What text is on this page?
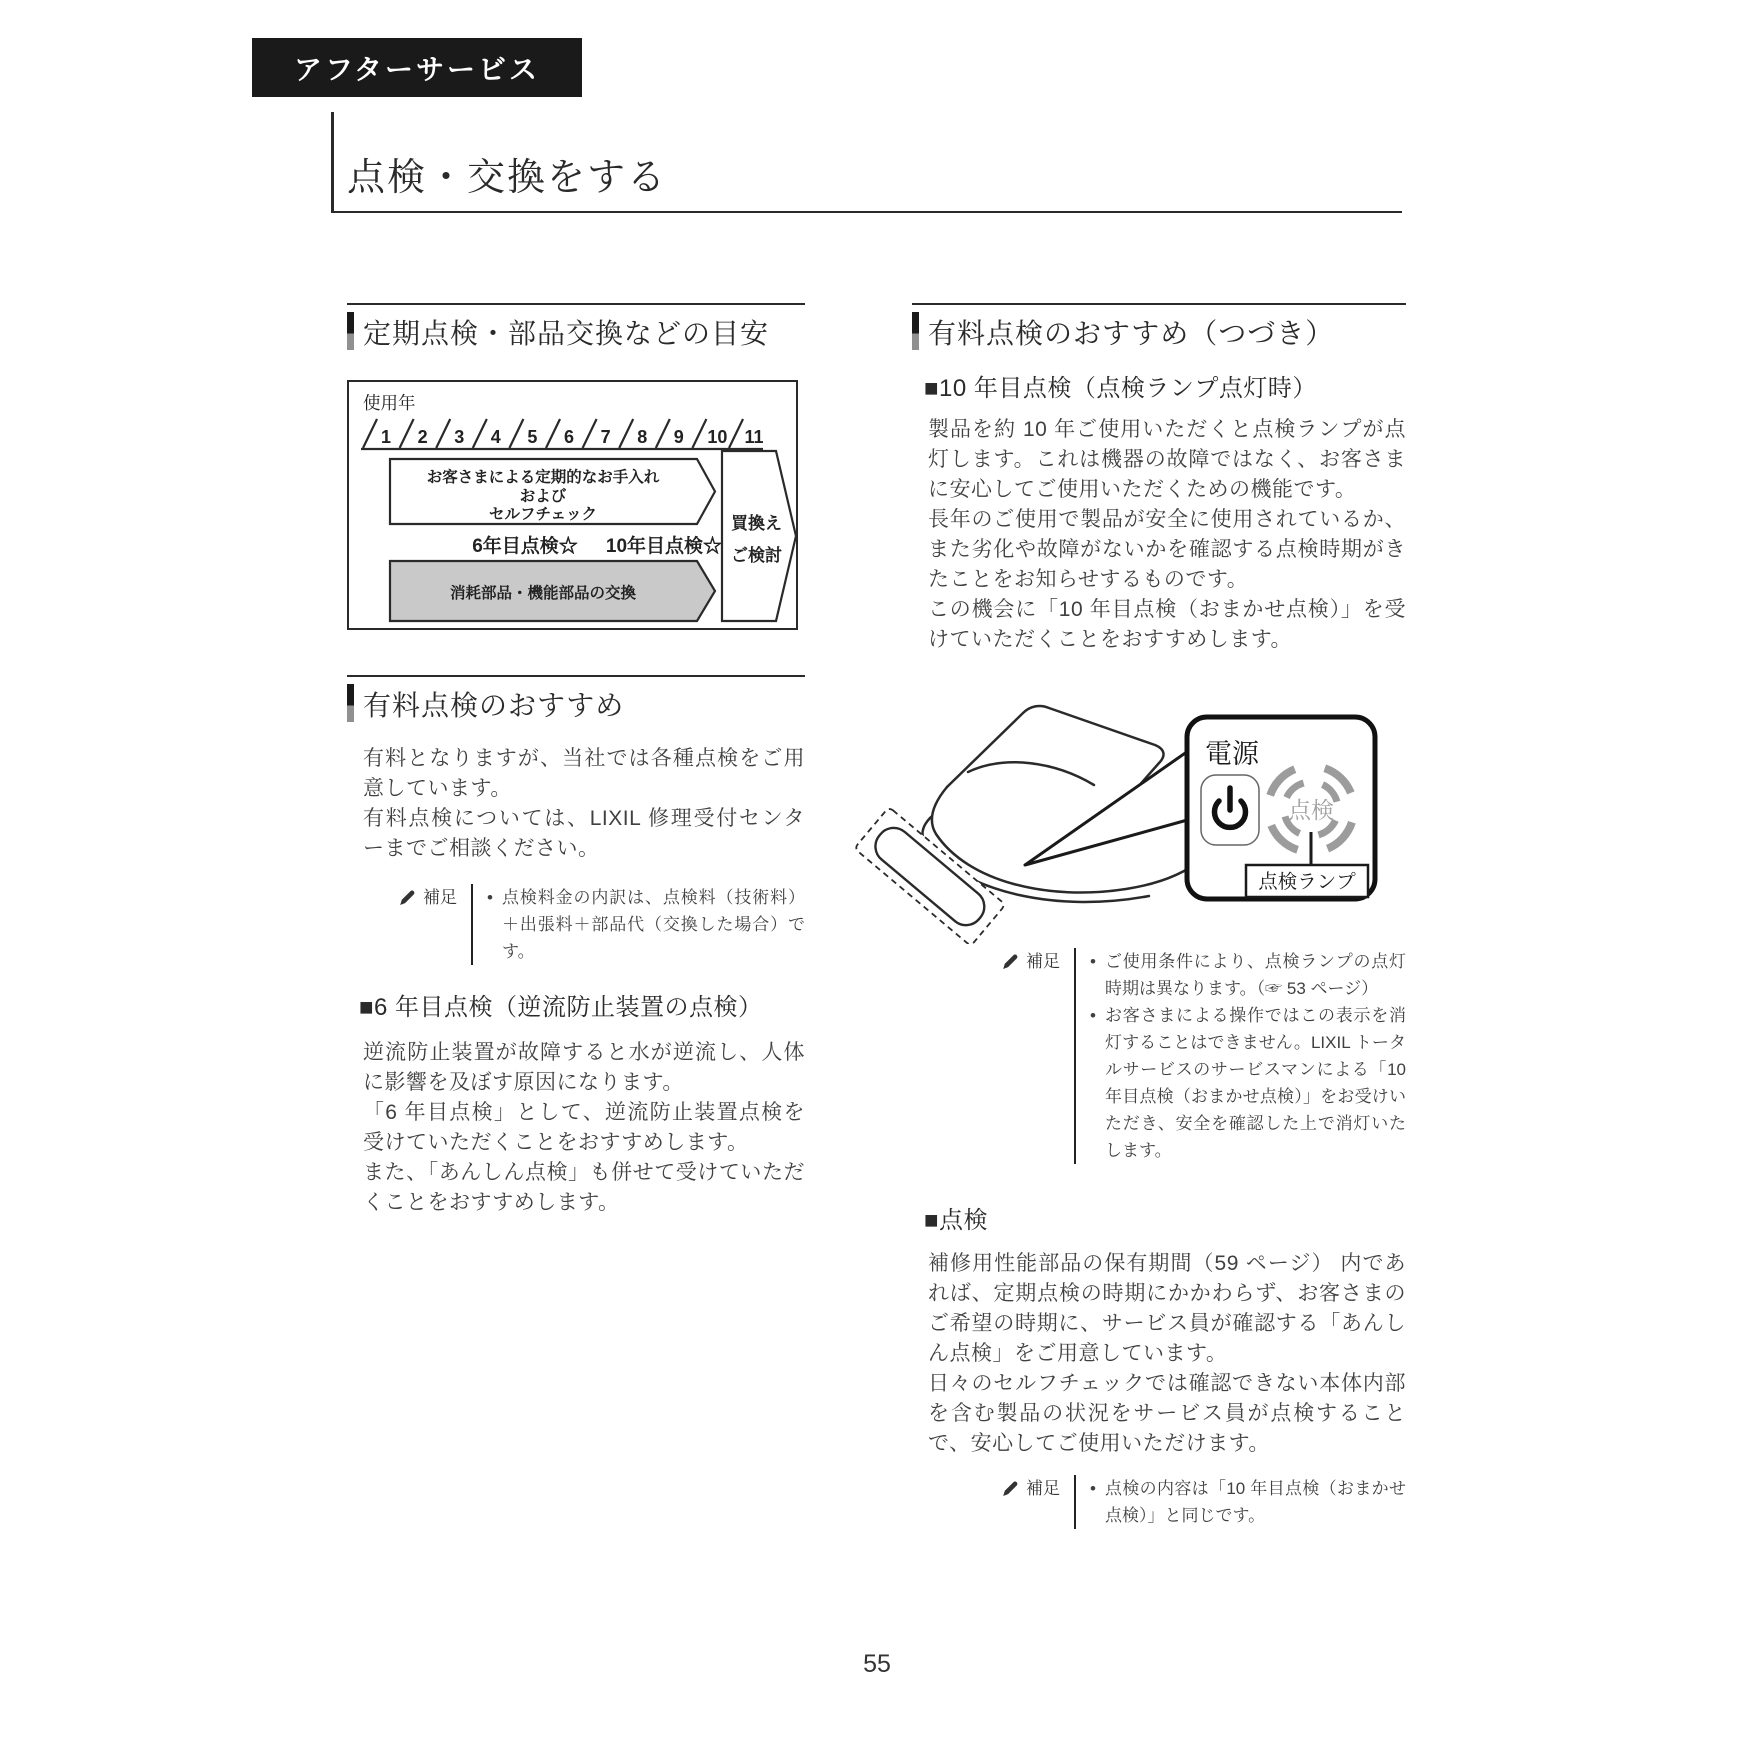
アフターサービス
点検・交換をする
定期点検・部品交換などの目安
使用年
1 2 3 4 5 6 7 8 9 10 11
お客さまによる定期的なお手入れ
および
セルフチェック
6年目点検☆ 10年目点検☆
消耗部品・機能部品の交換
買換え
ご検討
有料点検のおすすめ

有料となりますが、当社では各種点検をご用意しています。

有料点検については、LIXIL 修理受付センターまでご相談ください。

補足	• 点検料金の内訳は、点検料（技術料）＋出張料＋部品代（交換した場合）です。
■6 年目点検（逆流防止装置の点検）

逆流防止装置が故障すると水が逆流し、人体に影響を及ぼす原因になります。

「6 年目点検」として、逆流防止装置点検を受けていただくことをおすすめします。

また、「あんしん点検」も併せて受けていただくことをおすすめします。

有料点検のおすすめ（つづき）
■10 年目点検（点検ランプ点灯時）

製品を約 10 年ご使用いただくと点検ランプが点灯します。これは機器の故障ではなく、お客さまに安心してご使用いただくための機能です。

長年のご使用で製品が安全に使用されているか、また劣化や故障がないかを確認する点検時期がきたことをお知らせするものです。

この機会に「10 年目点検（おまかせ点検）」を受けていただくことをおすすめします。

電源
点検
点検ランプ
補足	• ご使用条件により、点検ランプの点灯時期は異なります。（☞ 53 ページ）
• お客さまによる操作ではこの表示を消灯することはできません。LIXIL トータルサービスのサービスマンによる「10 年目点検（おまかせ点検）」をお受けいただき、安全を確認した上で消灯いたします。
■点検

補修用性能部品の保有期間（59 ページ） 内であれば、定期点検の時期にかかわらず、お客さまのご希望の時期に、サービス員が確認する「あんしん点検」をご用意しています。

日々のセルフチェックでは確認できない本体内部を含む製品の状況をサービス員が点検することで、安心してご使用いただけます。

補足	• 点検の内容は「10 年目点検（おまかせ点検）」と同じです。
55
